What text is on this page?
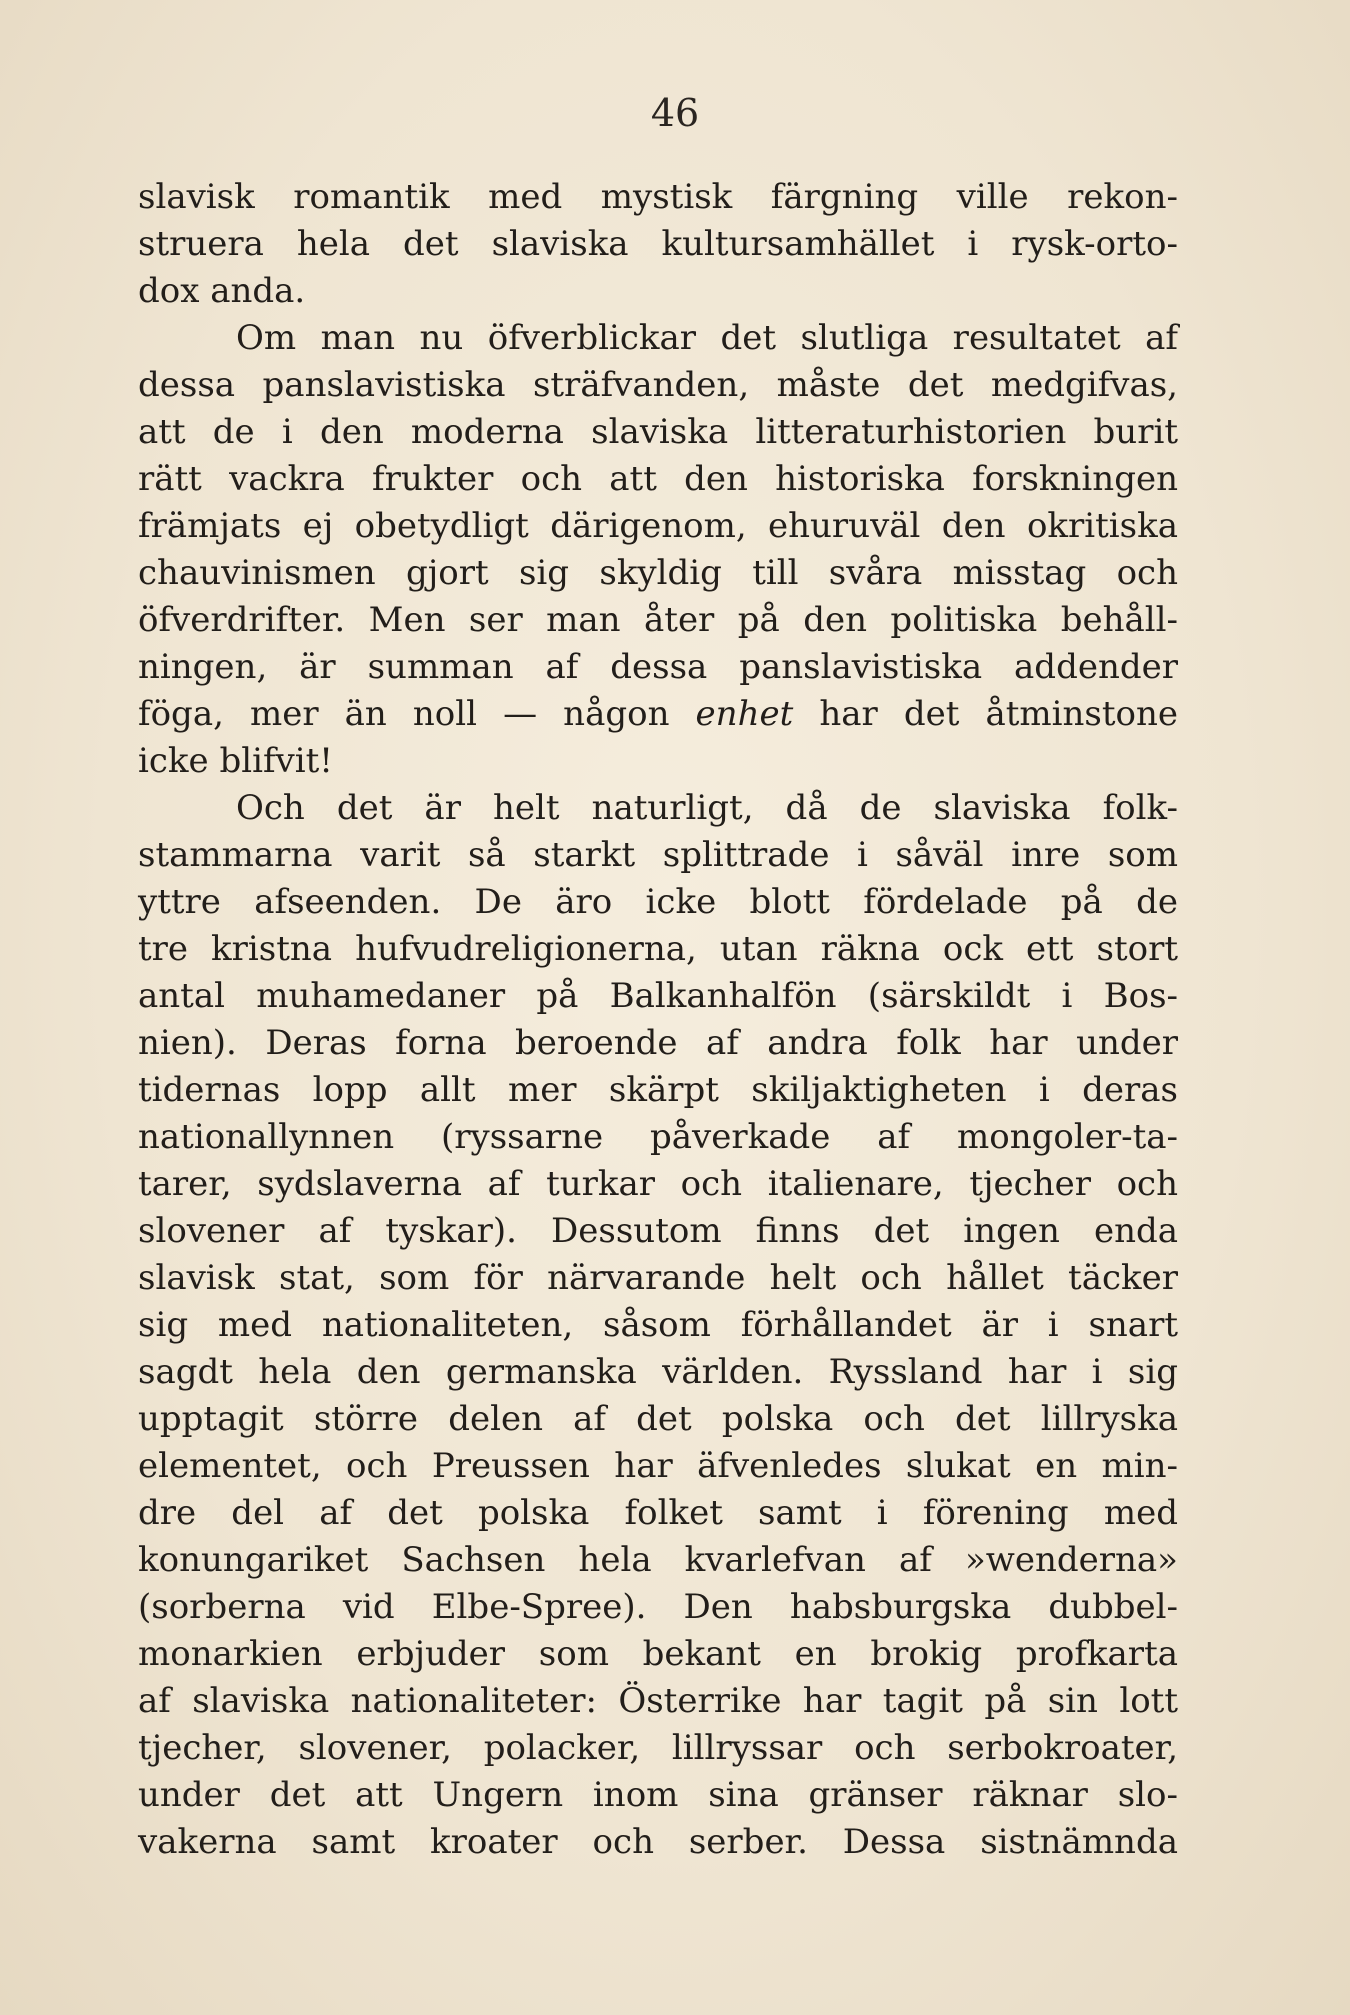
46

slavisk romantik med mystisk färgning ville rekon-
struera hela det slaviska kultursamhället i rysk-orto-
dox anda.
Om man nu öfverblickar det slutliga resultatet af
dessa panslavistiska sträfvanden, måste det medgifvas,
att de i den moderna slaviska litteraturhistorien burit
rätt vackra frukter och att den historiska forskningen
främjats ej obetydligt därigenom, ehuruväl den okritiska
chauvinismen gjort sig skyldig till svåra misstag och
öfverdrifter. Men ser man åter på den politiska behåll-
ningen, är summan af dessa panslavistiska addender
föga, mer än noll — någon enhet har det åtminstone
icke blifvit!
Och det är helt naturligt, då de slaviska folk-
stammarna varit så starkt splittrade i såväl inre som
yttre afseenden. De äro icke blott fördelade på de
tre kristna hufvudreligionerna, utan räkna ock ett stort
antal muhamedaner på Balkanhalfön (särskildt i Bos-
nien). Deras forna beroende af andra folk har under
tidernas lopp allt mer skärpt skiljaktigheten i deras
nationallynnen (ryssarne påverkade af mongoler-ta-
tarer, sydslaverna af turkar och italienare, tjecher och
slovener af tyskar). Dessutom finns det ingen enda
slavisk stat, som för närvarande helt och hållet täcker
sig med nationaliteten, såsom förhållandet är i snart
sagdt hela den germanska världen. Ryssland har i sig
upptagit större delen af det polska och det lillryska
elementet, och Preussen har äfvenledes slukat en min-
dre del af det polska folket samt i förening med
konungariket Sachsen hela kvarlefvan af »wenderna»
(sorberna vid Elbe-Spree). Den habsburgska dubbel-
monarkien erbjuder som bekant en brokig profkarta
af slaviska nationaliteter: Österrike har tagit på sin lott
tjecher, slovener, polacker, lillryssar och serbokroater,
under det att Ungern inom sina gränser räknar slo-
vakerna samt kroater och serber. Dessa sistnämnda
